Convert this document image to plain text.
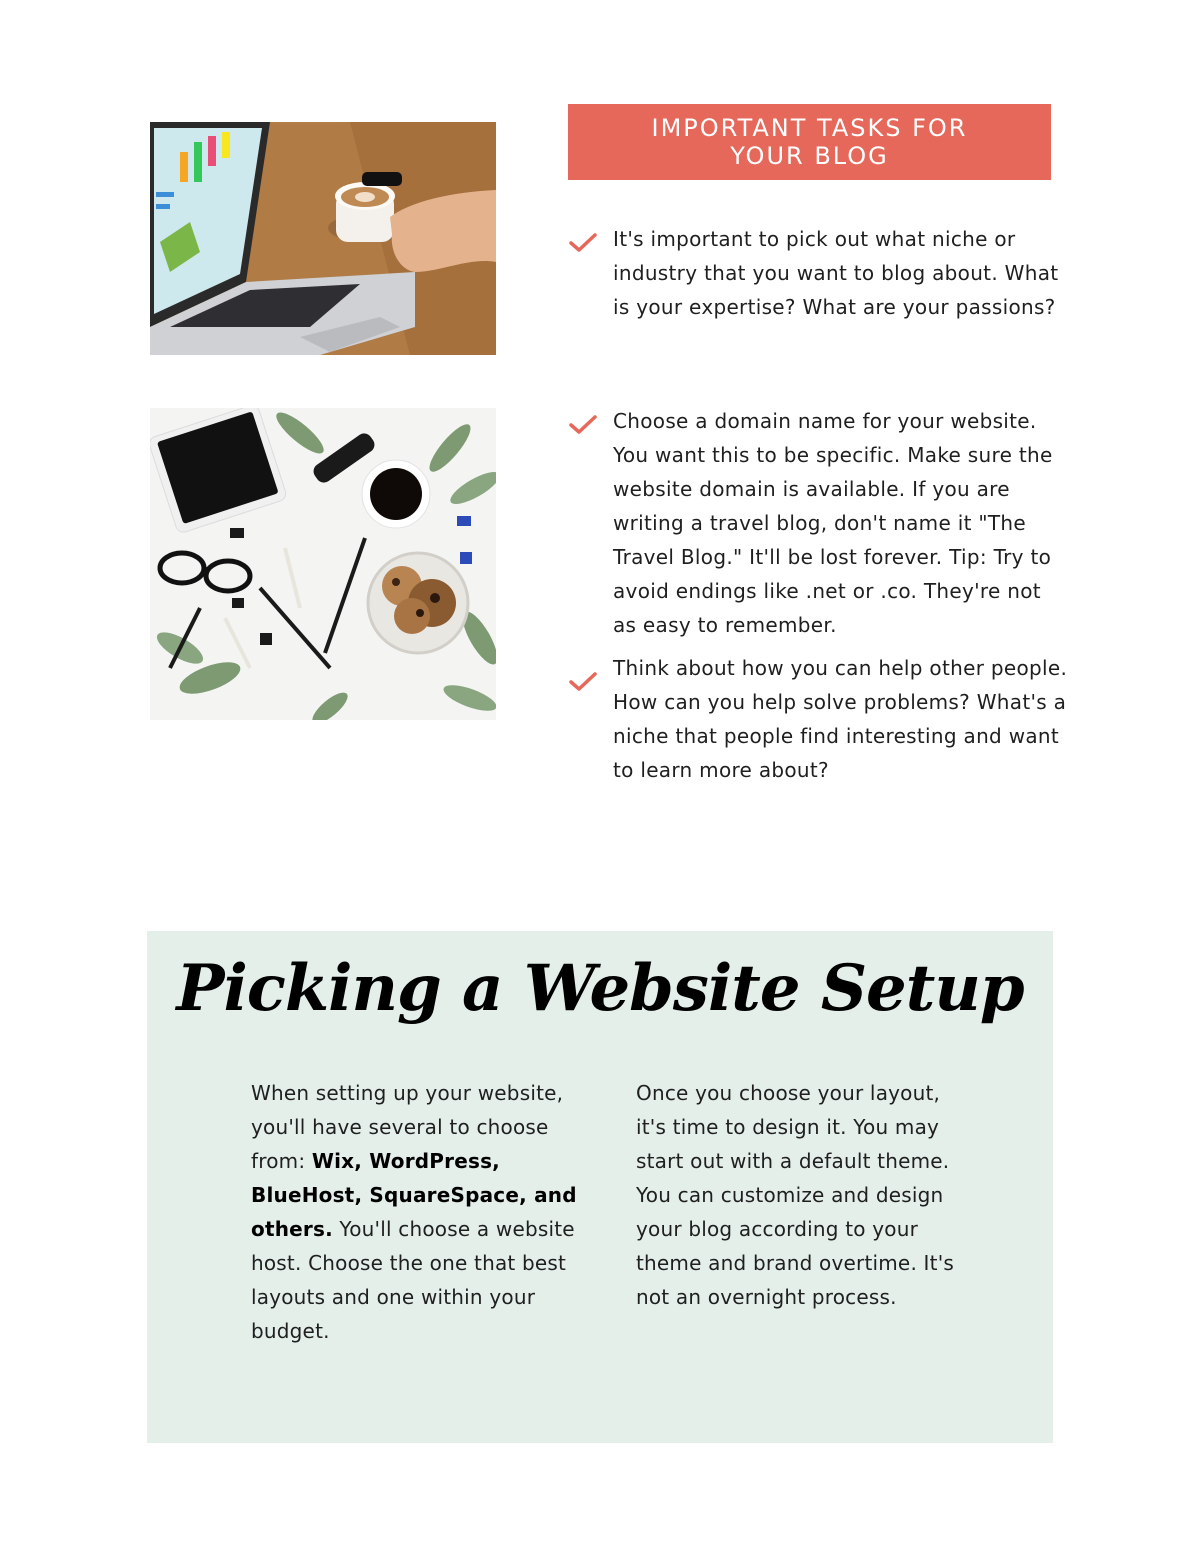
IMPORTANT TASKS FOR YOUR BLOG
It's important to pick out what niche or industry that you want to blog about. What is your expertise? What are your passions?
Choose a domain name for your website. You want this to be specific. Make sure the website domain is available. If you are writing a travel blog, don't name it "The Travel Blog." It'll be lost forever. Tip: Try to avoid endings like .net or .co. They're not as easy to remember.
Think about how you can help other people. How can you help solve problems? What's a niche that people find interesting and want to learn more about?
Picking a Website Setup
When setting up your website, you'll have several to choose from: Wix, WordPress, BlueHost, SquareSpace, and others. You'll choose a website host. Choose the one that best layouts and one within your budget.
Once you choose your layout, it's time to design it. You may start out with a default theme. You can customize and design your blog according to your theme and brand overtime. It's not an overnight process.
